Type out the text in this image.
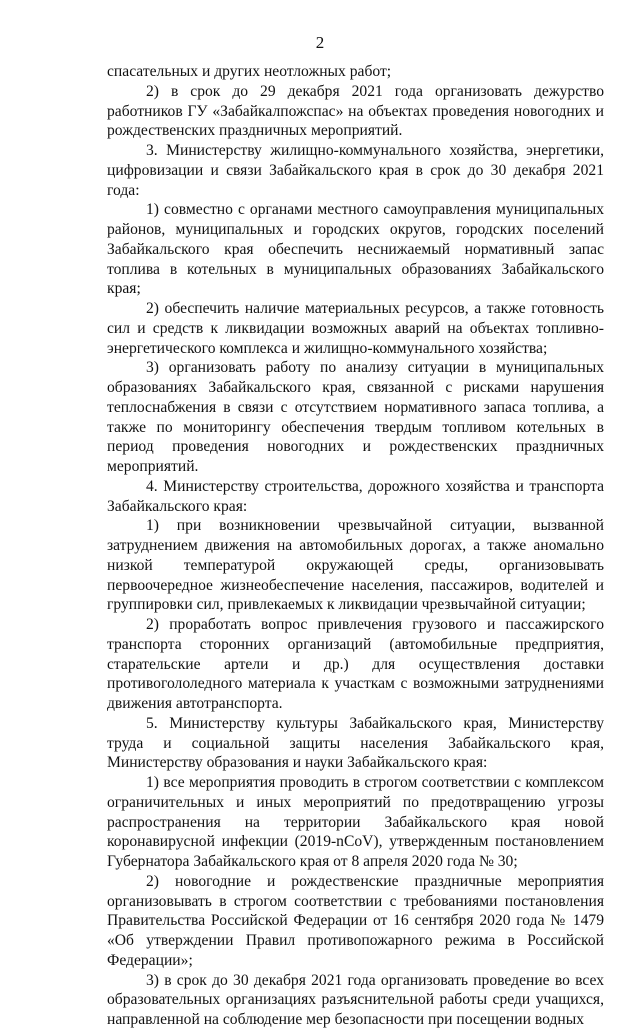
2

спасательных и других неотложных работ;

2) в срок до 29 декабря 2021 года организовать дежурство работников ГУ «Забайкалпожспас» на объектах проведения новогодних и рождественских праздничных мероприятий.

3. Министерству жилищно-коммунального хозяйства, энергетики, цифровизации и связи Забайкальского края в срок до 30 декабря 2021 года:

1) совместно с органами местного самоуправления муниципальных районов, муниципальных и городских округов, городских поселений Забайкальского края обеспечить неснижаемый нормативный запас топлива в котельных в муниципальных образованиях Забайкальского края;

2) обеспечить наличие материальных ресурсов, а также готовность сил и средств к ликвидации возможных аварий на объектах топливно-энергетического комплекса и жилищно-коммунального хозяйства;

3) организовать работу по анализу ситуации в муниципальных образованиях Забайкальского края, связанной с рисками нарушения теплоснабжения в связи с отсутствием нормативного запаса топлива, а также по мониторингу обеспечения твердым топливом котельных в период проведения новогодних и рождественских праздничных мероприятий.

4. Министерству строительства, дорожного хозяйства и транспорта Забайкальского края:

1) при возникновении чрезвычайной ситуации, вызванной затруднением движения на автомобильных дорогах, а также аномально низкой температурой окружающей среды, организовывать первоочередное жизнеобеспечение населения, пассажиров, водителей и группировки сил, привлекаемых к ликвидации чрезвычайной ситуации;

2) проработать вопрос привлечения грузового и пассажирского транспорта сторонних организаций (автомобильные предприятия, старательские артели и др.) для осуществления доставки противогололедного материала к участкам с возможными затруднениями движения автотранспорта.

5. Министерству культуры Забайкальского края, Министерству труда и социальной защиты населения Забайкальского края, Министерству образования и науки Забайкальского края:

1) все мероприятия проводить в строгом соответствии с комплексом ограничительных и иных мероприятий по предотвращению угрозы распространения на территории Забайкальского края новой коронавирусной инфекции (2019-nCoV), утвержденным постановлением Губернатора Забайкальского края от 8 апреля 2020 года № 30;

2) новогодние и рождественские праздничные мероприятия организовывать в строгом соответствии с требованиями постановления Правительства Российской Федерации от 16 сентября 2020 года № 1479 «Об утверждении Правил противопожарного режима в Российской Федерации»;

3) в срок до 30 декабря 2021 года организовать проведение во всех образовательных организациях разъяснительной работы среди учащихся, направленной на соблюдение мер безопасности при посещении водных
